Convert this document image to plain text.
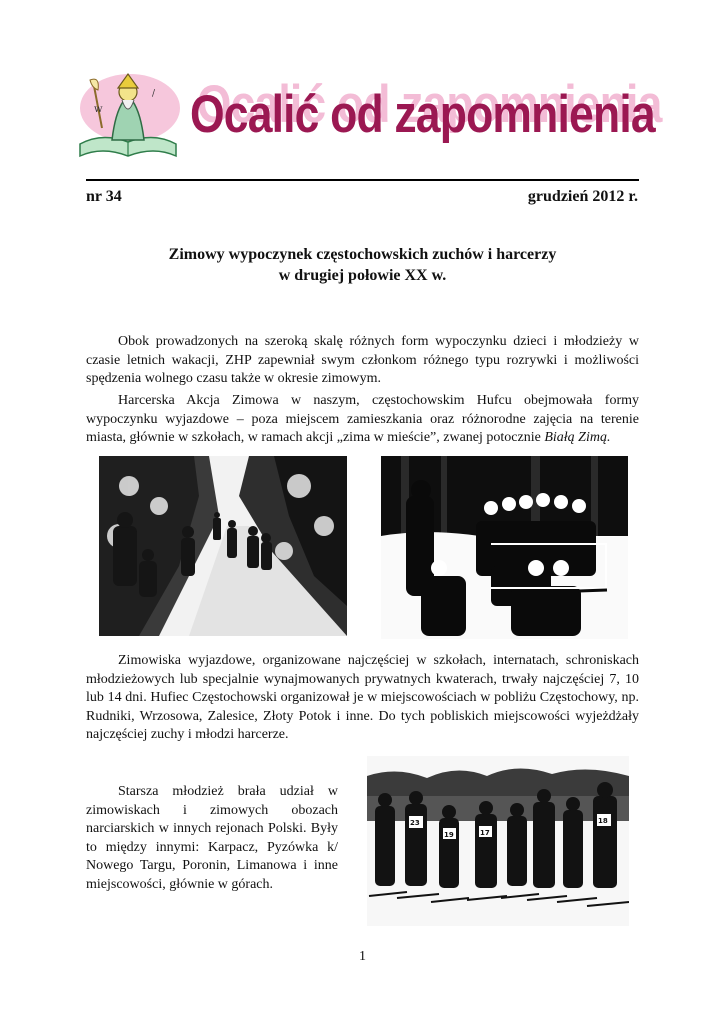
w
/ Ocalić od zapomnienia
nr 34	grudzień 2012 r.
Zimowy wypoczynek częstochowskich zuchów i harcerzy
w drugiej połowie XX w.
Obok prowadzonych na szeroką skalę różnych form wypoczynku dzieci i młodzieży w czasie letnich wakacji, ZHP zapewniał swym członkom różnego typu rozrywki i możliwości spędzenia wolnego czasu także w okresie zimowym.
Harcerska Akcja Zimowa w naszym, częstochowskim Hufcu obejmowała formy wypoczynku wyjazdowe – poza miejscem zamieszkania oraz różnorodne zajęcia na terenie miasta, głównie w szkołach, w ramach akcji „zima w mieście”, zwanej potocznie Białą Zimą.
Zimowiska wyjazdowe, organizowane najczęściej w szkołach, internatach, schroniskach młodzieżowych lub specjalnie wynajmowanych prywatnych kwaterach, trwały najczęściej 7, 10 lub 14 dni. Hufiec Częstochowski organizował je w miejscowościach w pobliżu Częstochowy, np. Rudniki, Wrzosowa, Zalesice, Złoty Potok i inne. Do tych pobliskich miejscowości wyjeżdżały najczęściej zuchy i młodzi harcerze.
Starsza młodzież brała udział w zimowiskach i zimowych obozach narciarskich w innych rejonach Polski. Były to między innymi: Karpacz, Pyzówka k/ Nowego Targu, Poronin, Limanowa i inne miejscowości, głównie w górach.
23
19	17
18
1
